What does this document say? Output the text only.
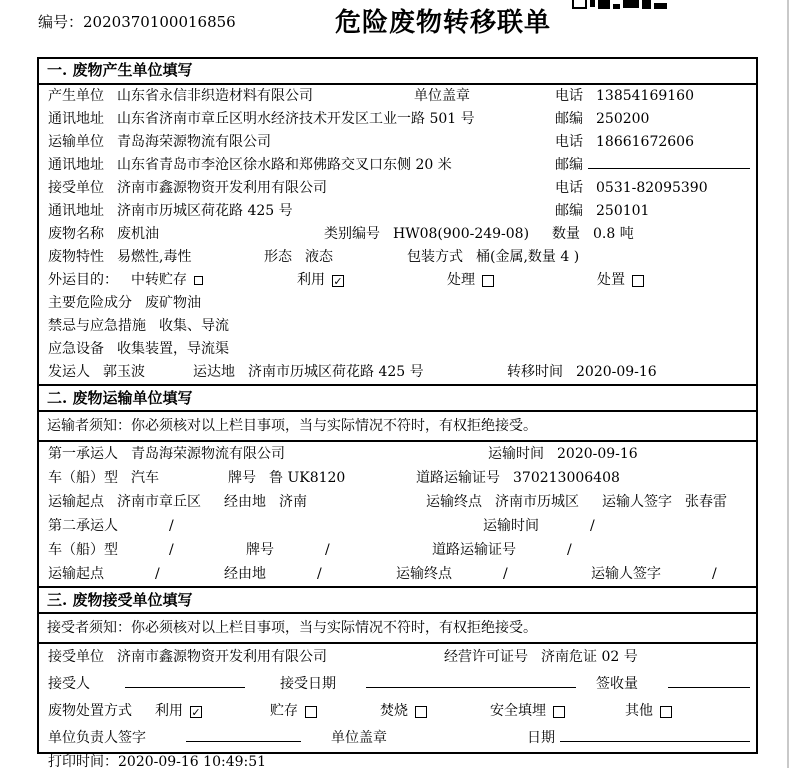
编号：2020370100016856	危险废物转移联单
一. 废物产生单位填写
产生单位 山东省永信非织造材料有限公司	单位盖章	电话 13854169160
通讯地址 山东省济南市章丘区明水经济技术开发区工业一路 501 号	邮编 250200
运输单位 青岛海荣源物流有限公司	电话 18661672606
通讯地址 山东省青岛市李沧区徐水路和郑佛路交叉口东侧 20 米	邮编
接受单位 济南市鑫源物资开发利用有限公司	电话 0531-82095390
通讯地址 济南市历城区荷花路 425 号	邮编 250101
废物名称 废机油	类别编号 HW08(900-249-08)	数量 0.8 吨
废物特性 易燃性,毒性	形态 液态	包装方式 桶(金属,数量 4 )
外运目的： 中转贮存	利用 ✓	处理	处置
主要危险成分 废矿物油
禁忌与应急措施 收集、导流
应急设备 收集装置，导流渠
发运人 郭玉波	运达地 济南市历城区荷花路 425 号	转移时间 2020-09-16
二. 废物运输单位填写
运输者须知：你必须核对以上栏目事项，当与实际情况不符时，有权拒绝接受。
第一承运人 青岛海荣源物流有限公司	运输时间 2020-09-16
车（船）型 汽车	牌号 鲁 UK8120	道路运输证号 370213006408
运输起点 济南市章丘区	经由地 济南	运输终点 济南市历城区	运输人签字 张春雷
第二承运人	/	运输时间	/
车（船）型	/	牌号	/	道路运输证号	/
运输起点	/	经由地	/	运输终点	/	运输人签字	/
三. 废物接受单位填写
接受者须知：你必须核对以上栏目事项，当与实际情况不符时，有权拒绝接受。
接受单位 济南市鑫源物资开发利用有限公司	经营许可证号 济南危证 02 号
接受人	接受日期	签收量
废物处置方式	利用 ✓	贮存	焚烧	安全填埋	其他
单位负责人签字	单位盖章	日期
打印时间：2020-09-16 10:49:51
